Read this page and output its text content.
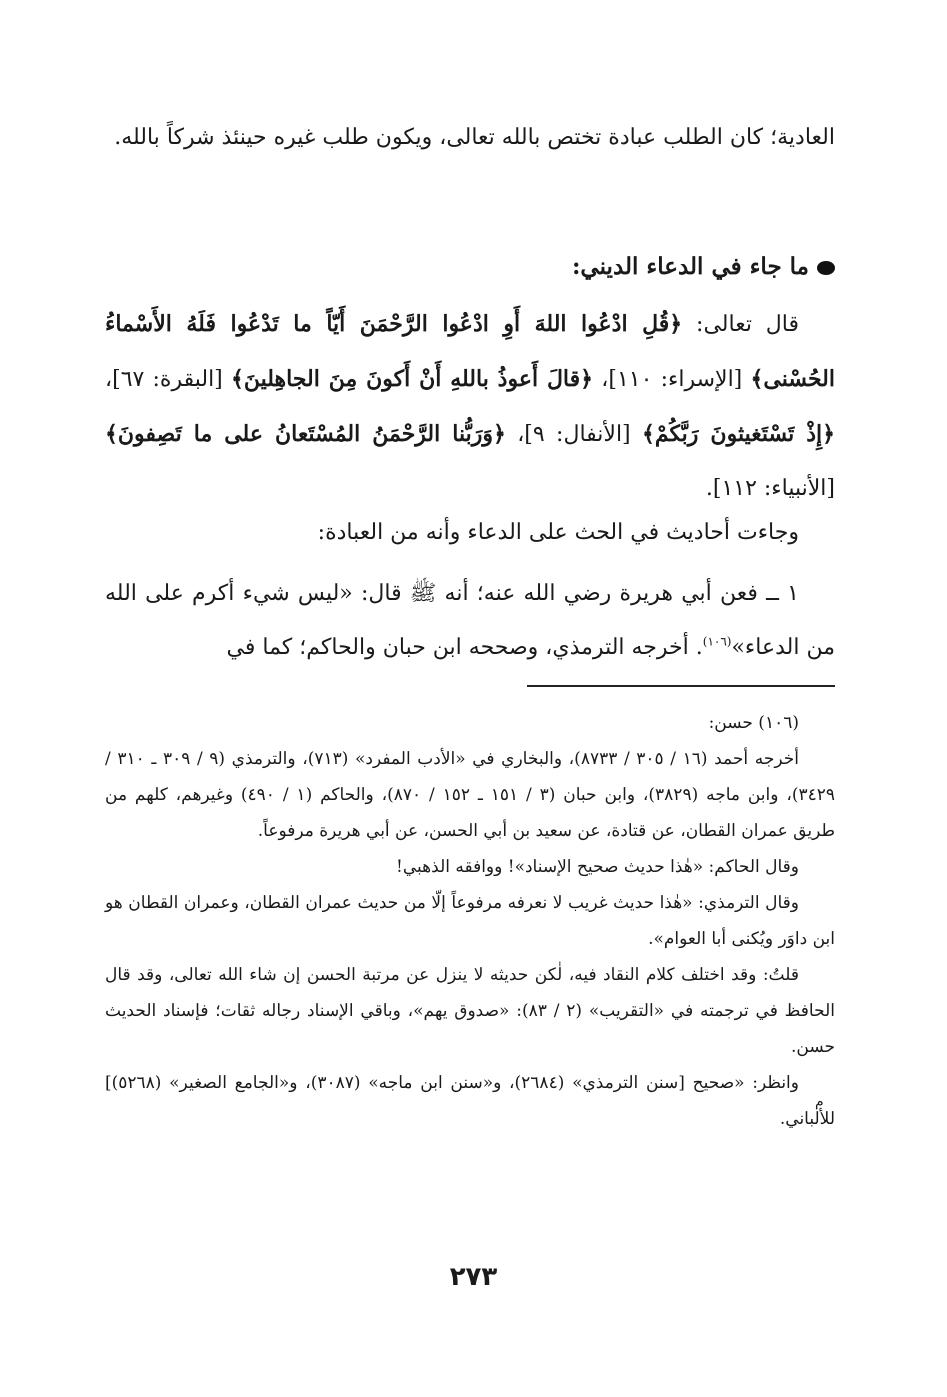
العادية؛ كان الطلب عبادة تختص بالله تعالى، ويكون طلب غيره حينئذ شركاً بالله.
ما جاء في الدعاء الديني:
قال تعالى: ﴿قُلِ ادْعُوا اللهَ أَوِ ادْعُوا الرَّحْمَنَ أَيّاً ما تَدْعُوا فَلَهُ الأَسْماءُ الحُسْنى﴾ [الإسراء: ١١٠]، ﴿قالَ أَعوذُ باللهِ أَنْ أَكونَ مِنَ الجاهِلينَ﴾ [البقرة: ٦٧]، ﴿إِذْ تَسْتَغيثونَ رَبَّكُمْ﴾ [الأنفال: ٩]، ﴿وَرَبُّنا الرَّحْمَنُ المُسْتَعانُ على ما تَصِفونَ﴾ [الأنبياء: ١١٢].
وجاءت أحاديث في الحث على الدعاء وأنه من العبادة:
١ ــ فعن أبي هريرة رضي الله عنه؛ أنه ﷺ قال: «ليس شيء أكرم على الله من الدعاء»$^{(١٠٦)}$. أخرجه الترمذي، وصححه ابن حبان والحاكم؛ كما في

(١٠٦) حسن:

أخرجه أحمد (١٦ / ٣٠٥ / ٨٧٣٣)، والبخاري في «الأدب المفرد» (٧١٣)، والترمذي (٩ / ٣٠٩ ـ ٣١٠ / ٣٤٢٩)، وابن ماجه (٣٨٢٩)، وابن حبان (٣ / ١٥١ ـ ١٥٢ / ٨٧٠)، والحاكم (١ / ٤٩٠) وغيرهم، كلهم من طريق عمران القطان، عن قتادة، عن سعيد بن أبي الحسن، عن أبي هريرة مرفوعاً.

وقال الحاكم: «هٰذا حديث صحيح الإسناد»! ووافقه الذهبي!

وقال الترمذي: «هٰذا حديث غريب لا نعرفه مرفوعاً إلّا من حديث عمران القطان، وعمران القطان هو ابن داوَر ويُكنى أبا العوام».

قلتُ: وقد اختلف كلام النقاد فيه، لٰكن حديثه لا ينزل عن مرتبة الحسن إن شاء الله تعالى، وقد قال الحافظ في ترجمته في «التقريب» (٢ / ٨٣): «صدوق يهم»، وباقي الإسناد رجاله ثقات؛ فإسناد الحديث حسن.

وانظر: «صحيح [سنن الترمذي» (٢٦٨٤)، و«سنن ابن ماجه» (٣٠٨٧)، و«الجامع الصغير» (٥٢٦٨)] للألباني.

م
٢٧٣
